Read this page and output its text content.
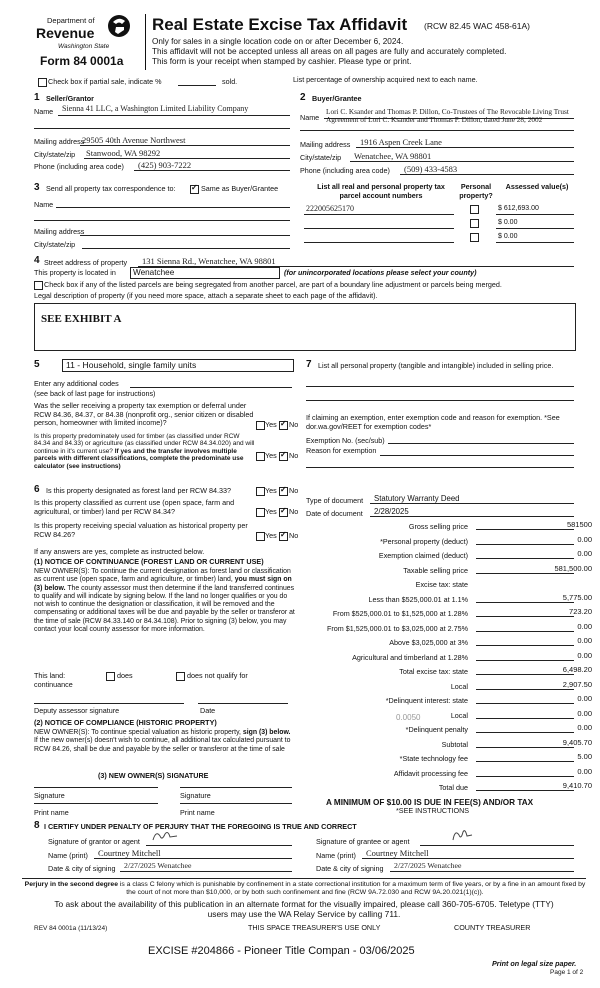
Department of
Revenue
Washington State
Form 84 0001a
Real Estate Excise Tax Affidavit (RCW 82.45 WAC 458-61A)
Only for sales in a single location code on or after December 6, 2024.
This affidavit will not be accepted unless all areas on all pages are fully and accurately completed.
This form is your receipt when stamped by cashier. Please type or print.
Check box if partial sale, indicate %	sold.	List percentage of ownership acquired next to each name.
1 Seller/Grantor
Name Sienna 41 LLC, a Washington Limited Liability Company
Mailing address
29505 40th Avenue Northwest
City/state/zip Stanwood, WA 98292
Phone (including area code) (425) 903-7222
2 Buyer/Grantee
Name
Lori C. Ksander and Thomas P. Dillon, Co-Trustees of The Revocable Living Trust Agreement of Lori C. Ksander and Thomas P. Dillon, dated June 28, 2002
Mailing address 1916 Aspen Creek Lane
City/state/zip Wenatchee, WA 98801
Phone (including area code) (509) 433-4583
3 Send all property tax correspondence to: ✓	Same as Buyer/Grantee
Name
Mailing address
City/state/zip
List all real and personal property tax parcel account numbers
Personal property?
Assessed value(s)
222005625170	$ 612,693.00
$ 0.00
$ 0.00
4 Street address of property 131 Sienna Rd., Wenatchee, WA 98801
This property is located in Wenatchee	(for unincorporated locations please select your county)
Check box if any of the listed parcels are being segregated from another parcel, are part of a boundary line adjustment or parcels being merged.
Legal description of property (if you need more space, attach a separate sheet to each page of the affidavit).
SEE EXHIBIT A
5	11 - Household, single family units
Enter any additional codes
(see back of last page for instructions)
Was the seller receiving a property tax exemption or deferral under RCW 84.36, 84.37, or 84.38 (nonprofit org., senior citizen or disabled person, homeowner with limited income)?	Yes ✓ No
Is this property predominately used for timber (as classified under RCW 84.34 and 84.33) or agriculture (as classified under RCW 84.34.020) and will continue in it's current use? If yes and the transfer involves multiple parcels with different classifications, complete the predominate use calculator (see instructions)
Yes ✓ No
6 Is this property designated as forest land per RCW 84.33?	Yes ✓ No
Is this property classified as current use (open space, farm and agricultural, or timber) land per RCW 84.34?	Yes ✓ No
Is this property receiving special valuation as historical property per RCW 84.26?	Yes ✓ No
If any answers are yes, complete as instructed below.
(1) NOTICE OF CONTINUANCE (FOREST LAND OR CURRENT USE)
NEW OWNER(S): To continue the current designation as forest land or classification as current use (open space, farm and agriculture, or timber) land, you must sign on (3) below. The county assessor must then determine if the land transferred continues to qualify and will indicate by signing below. If the land no longer qualifies or you do not wish to continue the designation or classification, it will be removed and the compensating or additional taxes will be due and payable by the seller or transferor at the time of sale (RCW 84.33.140 or 84.34.108). Prior to signing (3) below, you may contact your local county assessor for more information.
This land:
continuance
does	does not qualify for
Deputy assessor signature	Date
(2) NOTICE OF COMPLIANCE (HISTORIC PROPERTY)
NEW OWNER(S): To continue special valuation as historic property, sign (3) below. If the new owner(s) doesn't wish to continue, all additional tax calculated pursuant to RCW 84.26, shall be due and payable by the seller or transferor at the time of sale
(3) NEW OWNER(S) SIGNATURE
Signature	Signature
Print name	Print name
7 List all personal property (tangible and intangible) included in selling price.
If claiming an exemption, enter exemption code and reason for exemption. *See dor.wa.gov/REET for exemption codes*
Exemption No. (sec/sub)
Reason for exemption
Type of document Statutory Warranty Deed
Date of document 2/28/2025
Gross selling price	581500
*Personal property (deduct)	0.00
Exemption claimed (deduct)	0.00
Taxable selling price	581,500.00
Excise tax: state
Less than $525,000.01 at 1.1%	5,775.00
From $525,000.01 to $1,525,000 at 1.28%	723.20
From $1,525,000.01 to $3,025,000 at 2.75%	0.00
Above $3,025,000 at 3%	0.00
Agricultural and timberland at 1.28%	0.00
Total excise tax: state	6,498.20
Local	2,907.50
*Delinquent interest: state	0.00
Local	0.00
*Delinquent penalty	0.00
Subtotal	9,405.70
*State technology fee	5.00
Affidavit processing fee	0.00
Total due	9,410.70
0.0050
A MINIMUM OF $10.00 IS DUE IN FEE(S) AND/OR TAX
*SEE INSTRUCTIONS
8 I CERTIFY UNDER PENALTY OF PERJURY THAT THE FOREGOING IS TRUE AND CORRECT
Signature of grantor or agent
Name (print) Courtney Mitchell
Date & city of signing 2/27/2025 Wenatchee
Signature of grantee or agent
Name (print) Courtney Mitchell
Date & city of signing 2/27/2025 Wenatchee
Perjury in the second degree is a class C felony which is punishable by confinement in a state correctional institution for a maximum term of five years, or by a fine in an amount fixed by the court of not more than $10,000, or by both such confinement and fine (RCW 9A.72.030 and RCW 9A.20.021(1)(c)).
To ask about the availability of this publication in an alternate format for the visually impaired, please call 360-705-6705. Teletype (TTY) users may use the WA Relay Service by calling 711.
REV 84 0001a (11/13/24)	THIS SPACE TREASURER'S USE ONLY	COUNTY TREASURER
EXCISE #204866 - Pioneer Title Compan - 03/06/2025
Print on legal size paper.
Page 1 of 2
